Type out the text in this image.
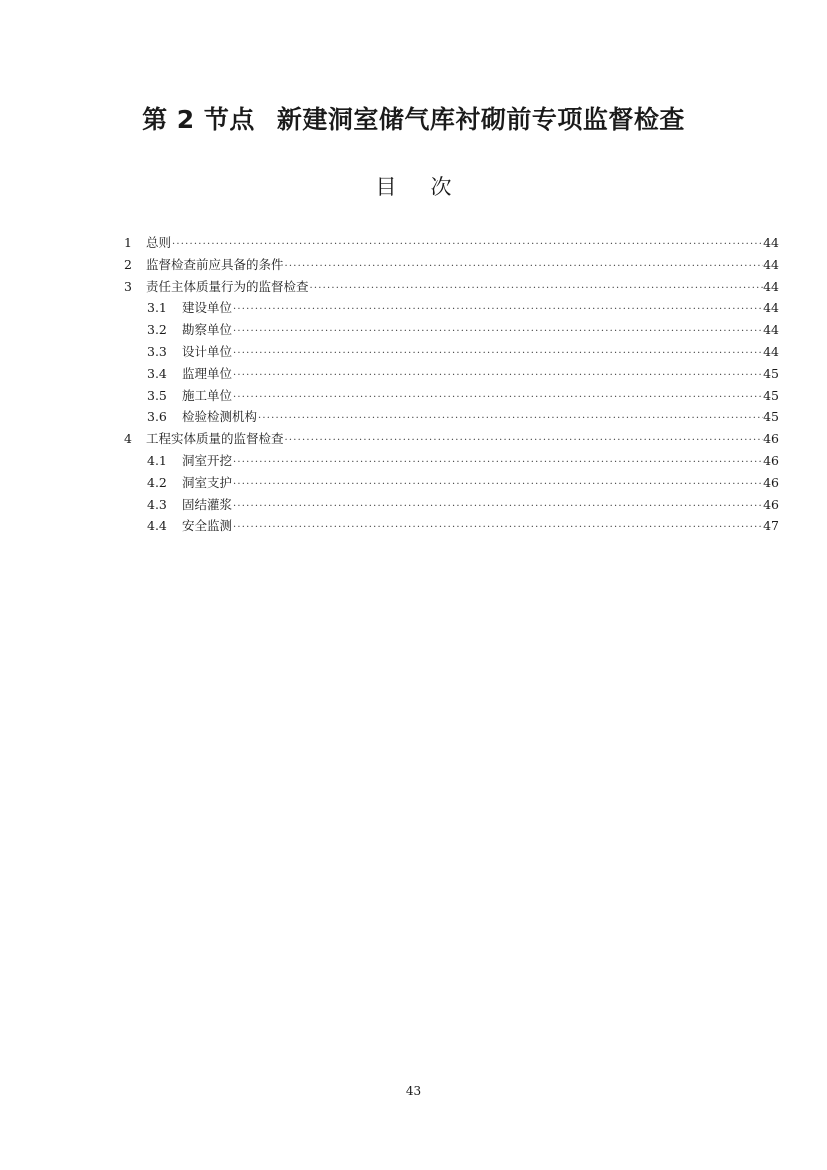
第 2 节点 新建洞室储气库衬砌前专项监督检查
目次
1	总则 ·····	44
2	监督检查前应具备的条件 ·····	44
3	责任主体质量行为的监督检查 ·····	44
3.1	建设单位 ·····	44
3.2	勘察单位 ·····	44
3.3	设计单位 ·····	44
3.4	监理单位 ·····	45
3.5	施工单位 ·····	45
3.6	检验检测机构 ·····	45
4	工程实体质量的监督检查 ·····	46
4.1	洞室开挖 ·····	46
4.2	洞室支护 ·····	46
4.3	固结灌浆 ·····	46
4.4	安全监测 ·····	47
43
